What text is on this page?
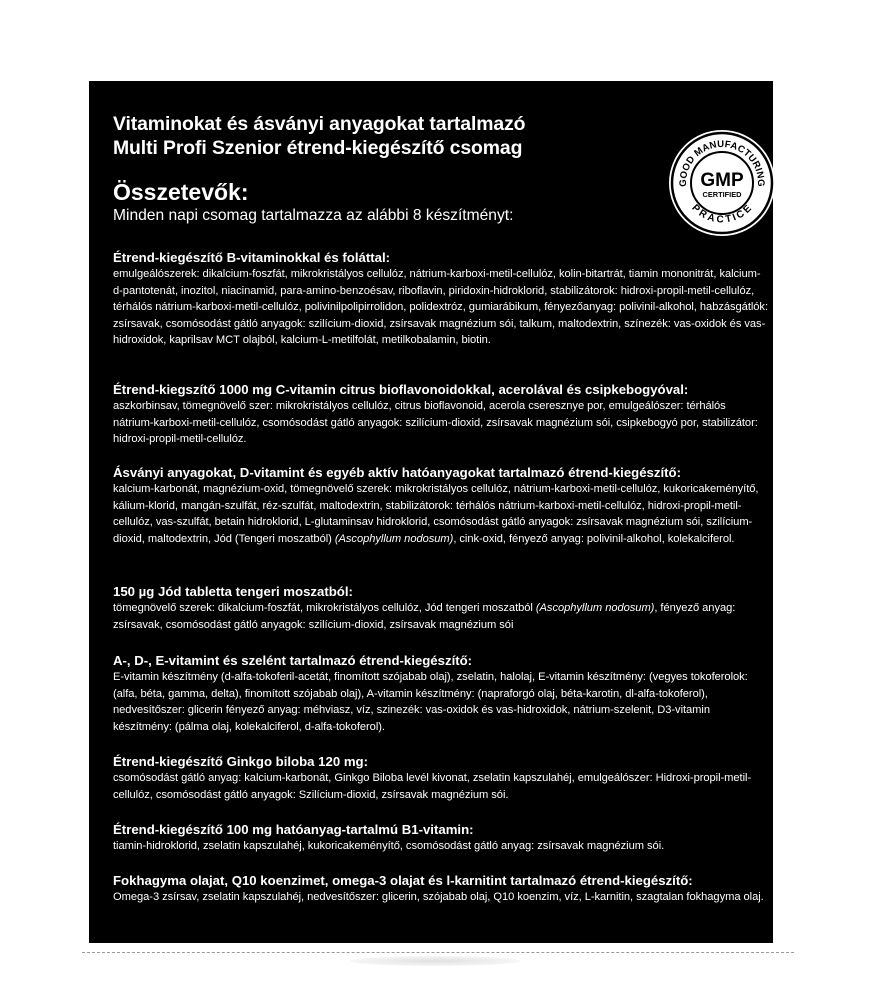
Vitaminokat és ásványi anyagokat tartalmazó
Multi Profi Szenior étrend-kiegészítő csomag
Összetevők:
Minden napi csomag tartalmazza az alábbi 8 készítményt:
GOOD MANUFACTURING
PRACTICE
GMP
CERTIFIED
Étrend-kiegészítő B-vitaminokkal és foláttal:
emulgeálószerek: dikalcium-foszfát, mikrokristályos cellulóz, nátrium-karboxi-metil-cellulóz, kolin-bitartrát, tiamin mononitrát, kalcium-d-pantotenát, inozitol, niacinamid, para-amino-benzoésav, riboflavin, piridoxin-hidroklorid, stabilizátorok: hidroxi-propil-metil-cellulóz, térhálós nátrium-karboxi-metil-cellulóz, polivinilpolipirrolidon, polidextróz, gumiarábikum, fényezőanyag: polivinil-alkohol, habzásgátlók: zsírsavak, csomósodást gátló anyagok: szilícium-dioxid, zsírsavak magnézium sói, talkum, maltodextrin, színezék: vas-oxidok és vas-hidroxidok, kaprilsav MCT olajból, kalcium-L-metilfolát, metilkobalamin, biotin.
Étrend-kiegszítő 1000 mg C-vitamin citrus bioflavonoidokkal, acerolával és csipkebogyóval:
aszkorbinsav, tömegnövelő szer: mikrokristályos cellulóz, citrus bioflavonoid, acerola cseresznye por, emulgeálószer: térhálós nátrium-karboxi-metil-cellulóz, csomósodást gátló anyagok: szilícium-dioxid, zsírsavak magnézium sói, csipkebogyó por, stabilizátor: hidroxi-propil-metil-cellulóz.
Ásványi anyagokat, D-vitamint és egyéb aktív hatóanyagokat tartalmazó étrend-kiegészítő:
kalcium-karbonát, magnézium-oxid, tömegnövelő szerek: mikrokristályos cellulóz, nátrium-karboxi-metil-cellulóz, kukoricakeményítő, kálium-klorid, mangán-szulfát, réz-szulfát, maltodextrin, stabilizátorok: térhálós nátrium-karboxi-metil-cellulóz, hidroxi-propil-metil-cellulóz, vas-szulfát, betain hidroklorid, L-glutaminsav hidroklorid, csomósodást gátló anyagok: zsírsavak magnézium sói, szilícium-dioxid, maltodextrin, Jód (Tengeri moszatból) (Ascophyllum nodosum), cink-oxid, fényező anyag: polivinil-alkohol, kolekalciferol.
150 µg Jód tabletta tengeri moszatból:
tömegnövelő szerek: dikalcium-foszfát, mikrokristályos cellulóz, Jód tengeri moszatból (Ascophyllum nodosum), fényező anyag: zsírsavak, csomósodást gátló anyagok: szilícium-dioxid, zsírsavak magnézium sói
A-, D-, E-vitamint és szelént tartalmazó étrend-kiegészítő:
E-vitamin készítmény (d-alfa-tokoferil-acetát, finomított szójabab olaj), zselatin, halolaj, E-vitamin készítmény: (vegyes tokoferolok: (alfa, béta, gamma, delta), finomított szójabab olaj), A-vitamin készítmény: (napraforgó olaj, béta-karotin, dl-alfa-tokoferol), nedvesítőszer: glicerin fényező anyag: méhviasz, víz, szinezék: vas-oxidok és vas-hidroxidok, nátrium-szelenit, D3-vitamin készítmény: (pálma olaj, kolekalciferol, d-alfa-tokoferol).
Étrend-kiegészítő Ginkgo biloba 120 mg:
csomósodást gátló anyag: kalcium-karbonát, Ginkgo Biloba levél kivonat, zselatin kapszulahéj, emulgeálószer: Hidroxi-propil-metil-cellulóz, csomósodást gátló anyagok: Szilícium-dioxid, zsírsavak magnézium sói.
Étrend-kiegészítő 100 mg hatóanyag-tartalmú B1-vitamin:
tiamin-hidroklorid, zselatin kapszulahéj, kukoricakeményítő, csomósodást gátló anyag: zsírsavak magnézium sói.
Fokhagyma olajat, Q10 koenzimet, omega-3 olajat és l-karnitint tartalmazó étrend-kiegészítő:
Omega-3 zsírsav, zselatin kapszulahéj, nedvesítőszer: glicerin, szójabab olaj, Q10 koenzim, víz, L-karnitin, szagtalan fokhagyma olaj.
